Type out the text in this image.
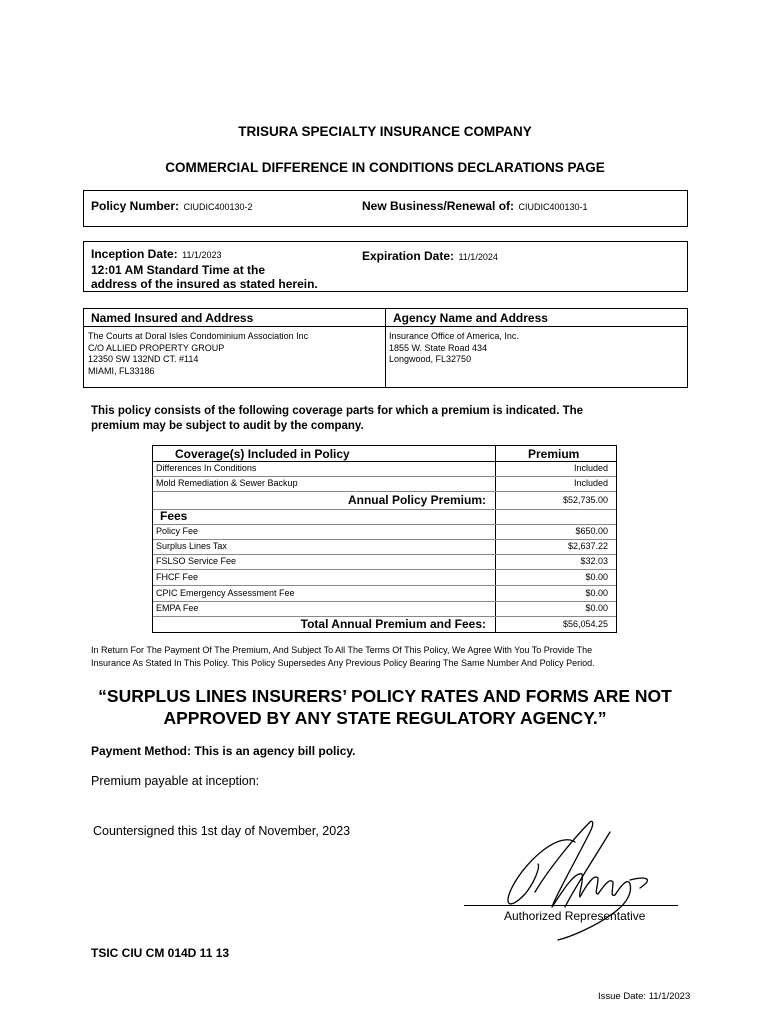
TRISURA SPECIALTY INSURANCE COMPANY
COMMERCIAL DIFFERENCE IN CONDITIONS DECLARATIONS PAGE
Policy Number: CIUDIC400130-2	New Business/Renewal of: CIUDIC400130-1
Inception Date: 11/1/2023
12:01 AM Standard Time at the
address of the insured as stated herein.
Expiration Date: 11/1/2024
Named Insured and Address	Agency Name and Address
The Courts at Doral Isles Condominium Association Inc
C/O ALLIED PROPERTY GROUP
12350 SW 132ND CT. #114
MIAMI, FL33186
Insurance Office of America, Inc.
1855 W. State Road 434
Longwood, FL32750
This policy consists of the following coverage parts for which a premium is indicated. The
premium may be subject to audit by the company.
Coverage(s) Included in Policy	Premium
Differences In Conditions	Included
Mold Remediation & Sewer Backup	Included
Annual Policy Premium:	$52,735.00
Fees
Policy Fee	$650.00
Surplus Lines Tax	$2,637.22
FSLSO Service Fee	$32.03
FHCF Fee	$0.00
CPIC Emergency Assessment Fee	$0.00
EMPA Fee	$0.00
Total Annual Premium and Fees:	$56,054.25
In Return For The Payment Of The Premium, And Subject To All The Terms Of This Policy, We Agree With You To Provide The
Insurance As Stated In This Policy. This Policy Supersedes Any Previous Policy Bearing The Same Number And Policy Period.
“SURPLUS LINES INSURERS’ POLICY RATES AND FORMS ARE NOT
APPROVED BY ANY STATE REGULATORY AGENCY.”
Payment Method: This is an agency bill policy.
Premium payable at inception:
Countersigned this 1st day of November, 2023
Authorized Representative
TSIC CIU CM 014D 11 13
Issue Date: 11/1/2023
